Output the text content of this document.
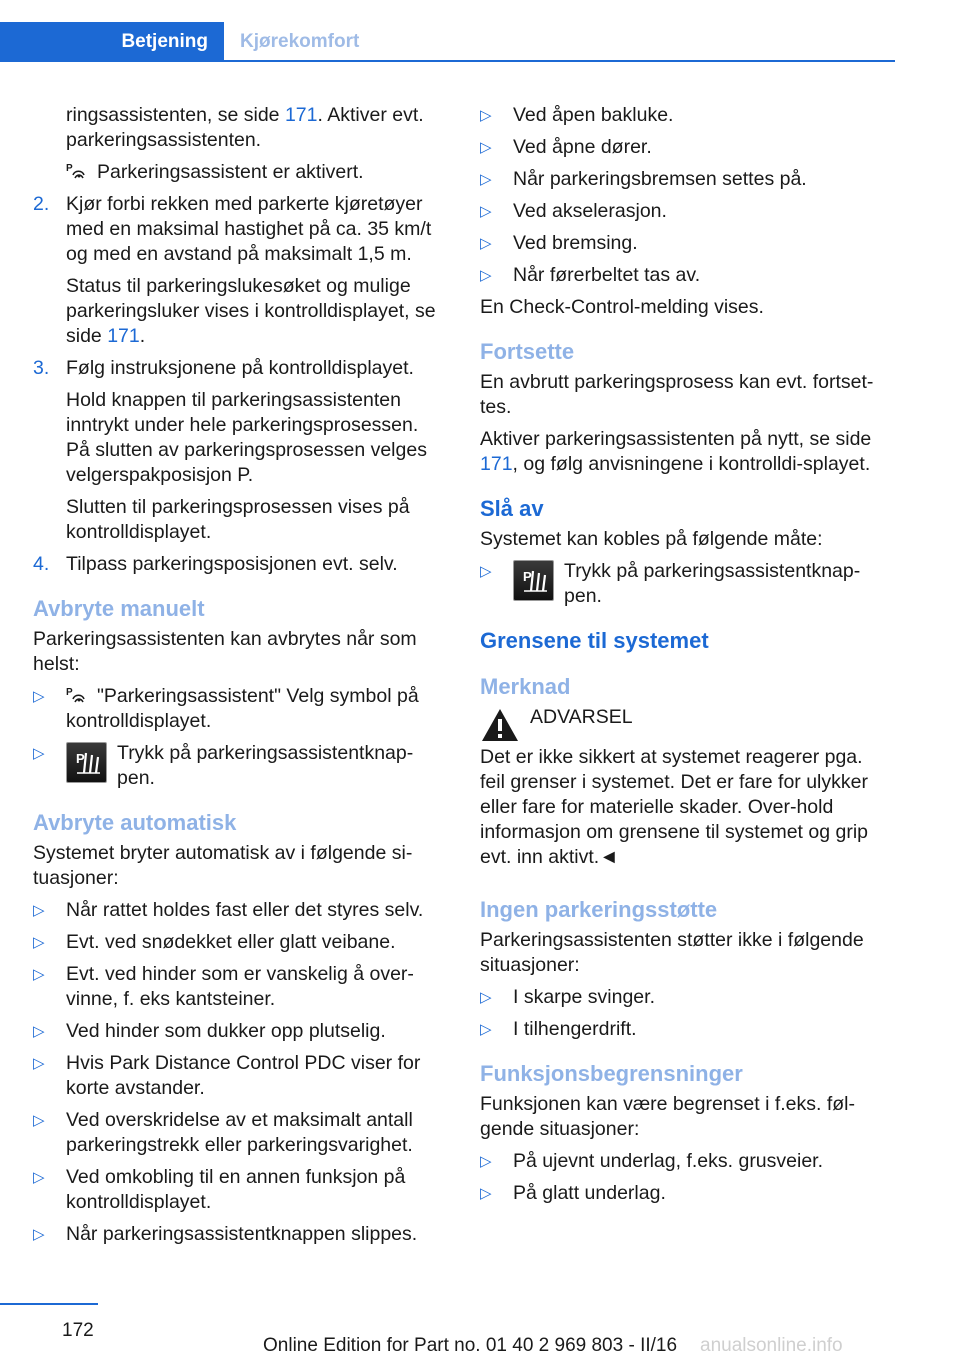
Betjening	Kjørekomfort

ringsassistenten, se side 171. Aktiver evt. parkeringsassistenten.

P Parkeringsassistent er aktivert.

2. Kjør forbi rekken med parkerte kjøretøyer med en maksimal hastighet på ca. 35 km/t og med en avstand på maksimalt 1,5 m.

Status til parkeringslukesøket og mulige parkeringsluker vises i kontrolldisplayet, se side 171.

3. Følg instruksjonene på kontrolldisplayet.

Hold knappen til parkeringsassistenten inntrykt under hele parkeringsprosessen. På slutten av parkeringsprosessen velges velgerspakposisjon P.

Slutten til parkeringsprosessen vises på kontrolldisplayet.

4. Tilpass parkeringsposisjonen evt. selv.
Avbryte manuelt

Parkeringsassistenten kan avbrytes når som helst:

▷ P "Parkeringsassistent" Velg symbol på kontrolldisplayet.
▷ P Trykk på parkeringsassistentknap-pen.
Avbryte automatisk

Systemet bryter automatisk av i følgende si-tuasjoner:

▷ Når rattet holdes fast eller det styres selv.
▷ Evt. ved snødekket eller glatt veibane.
▷ Evt. ved hinder som er vanskelig å over-vinne, f. eks kantsteiner.
▷ Ved hinder som dukker opp plutselig.
▷ Hvis Park Distance Control PDC viser for korte avstander.
▷ Ved overskridelse av et maksimalt antall parkeringstrekk eller parkeringsvarighet.
▷ Ved omkobling til en annen funksjon på kontrolldisplayet.
▷ Når parkeringsassistentknappen slippes.
▷ Ved åpen bakluke.
▷ Ved åpne dører.
▷ Når parkeringsbremsen settes på.
▷ Ved akselerasjon.
▷ Ved bremsing.
▷ Når førerbeltet tas av.

En Check-Control-melding vises.

Fortsette

En avbrutt parkeringsprosess kan evt. fortset-tes.

Aktiver parkeringsassistenten på nytt, se side 171, og følg anvisningene i kontrolldi-splayet.

Slå av

Systemet kan kobles på følgende måte:

▷ P Trykk på parkeringsassistentknap-pen.
Grensene til systemet
Merknad
ADVARSEL

Det er ikke sikkert at systemet reagerer pga. feil grenser i systemet. Det er fare for ulykker eller fare for materielle skader. Over-hold informasjon om grensene til systemet og grip evt. inn aktivt.◄

Ingen parkeringsstøtte

Parkeringsassistenten støtter ikke i følgende situasjoner:

▷ I skarpe svinger.
▷ I tilhengerdrift.
Funksjonsbegrensninger

Funksjonen kan være begrenset i f.eks. føl-gende situasjoner:

▷ På ujevnt underlag, f.eks. grusveier.
▷ På glatt underlag.
172
Online Edition for Part no. 01 40 2 969 803 - II/16 anualsonline.info
